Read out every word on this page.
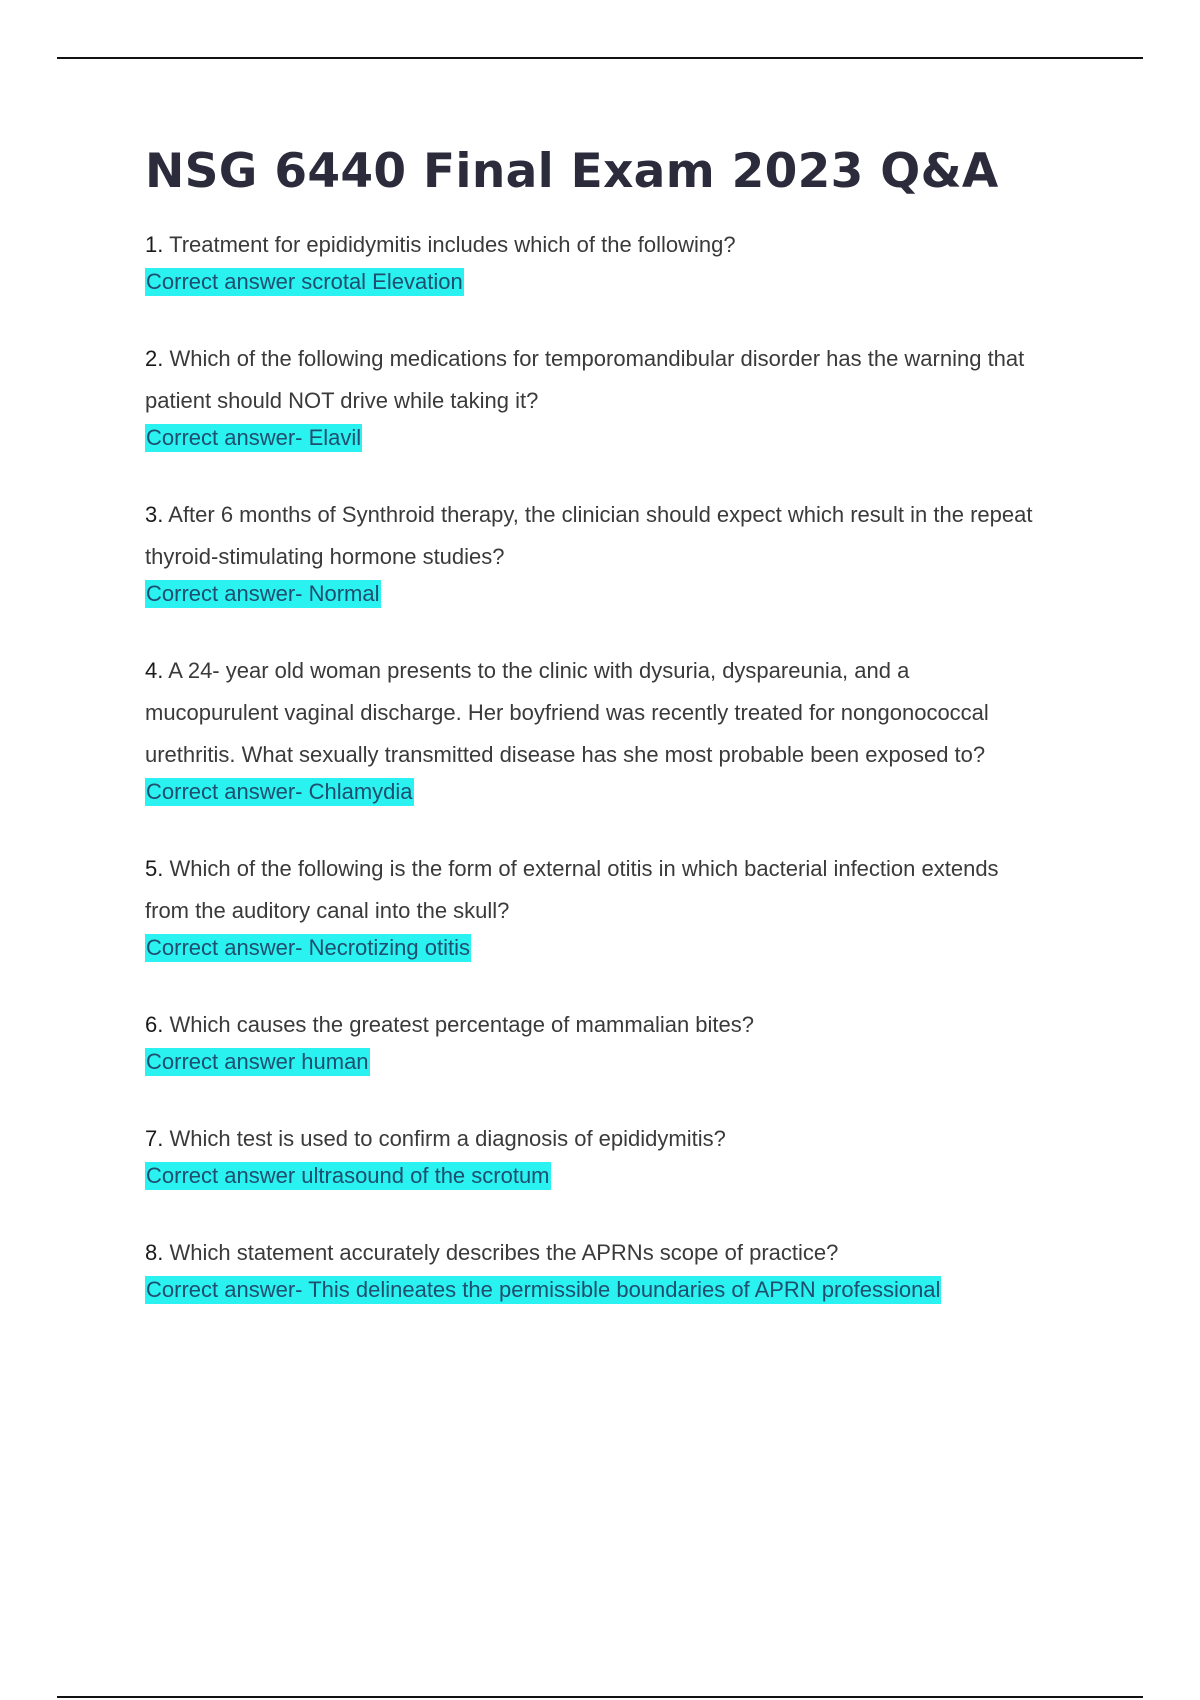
NSG 6440 Final Exam 2023 Q&A
1. Treatment for epididymitis includes which of the following?
Correct answer scrotal Elevation
2. Which of the following medications for temporomandibular disorder has the warning that patient should NOT drive while taking it?
Correct answer- Elavil
3. After 6 months of Synthroid therapy, the clinician should expect which result in the repeat thyroid-stimulating hormone studies?
Correct answer- Normal
4. A 24- year old woman presents to the clinic with dysuria, dyspareunia, and a mucopurulent vaginal discharge. Her boyfriend was recently treated for nongonococcal urethritis. What sexually transmitted disease has she most probable been exposed to?
Correct answer- Chlamydia
5. Which of the following is the form of external otitis in which bacterial infection extends from the auditory canal into the skull?
Correct answer- Necrotizing otitis
6. Which causes the greatest percentage of mammalian bites?
Correct answer human
7. Which test is used to confirm a diagnosis of epididymitis?
Correct answer ultrasound of the scrotum
8. Which statement accurately describes the APRNs scope of practice?
Correct answer- This delineates the permissible boundaries of APRN professional
